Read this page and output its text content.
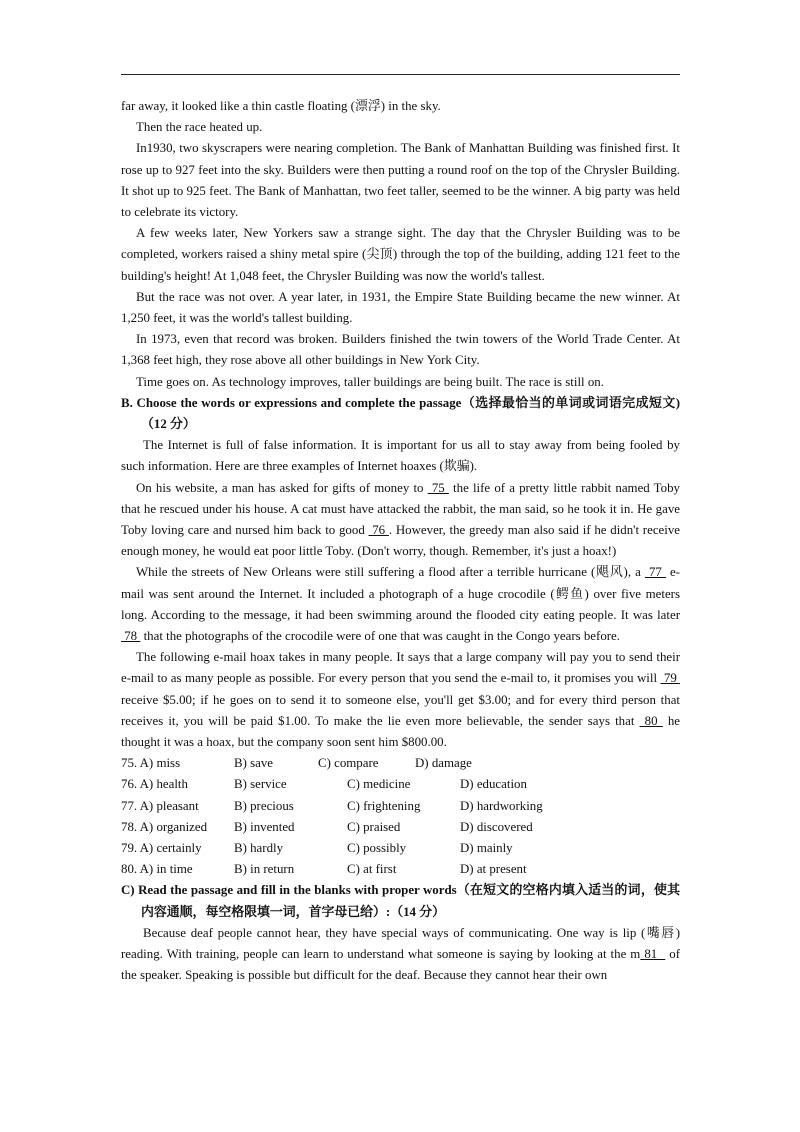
far away, it looked like a thin castle floating (漂浮) in the sky.

Then the race heated up.

In1930, two skyscrapers were nearing completion. The Bank of Manhattan Building was finished first. It rose up to 927 feet into the sky. Builders were then putting a round roof on the top of the Chrysler Building. It shot up to 925 feet. The Bank of Manhattan, two feet taller, seemed to be the winner. A big party was held to celebrate its victory.

A few weeks later, New Yorkers saw a strange sight. The day that the Chrysler Building was to be completed, workers raised a shiny metal spire (尖顶) through the top of the building, adding 121 feet to the building's height! At 1,048 feet, the Chrysler Building was now the world's tallest.

But the race was not over. A year later, in 1931, the Empire State Building became the new winner. At 1,250 feet, it was the world's tallest building.

In 1973, even that record was broken. Builders finished the twin towers of the World Trade Center. At 1,368 feet high, they rose above all other buildings in New York City.

Time goes on. As technology improves, taller buildings are being built. The race is still on.

B. Choose the words or expressions and complete the passage（选择最恰当的单词或词语完成短文)（12 分）

The Internet is full of false information. It is important for us all to stay away from being fooled by such information. Here are three examples of Internet hoaxes (欺骗).

On his website, a man has asked for gifts of money to  75  the life of a pretty little rabbit named Toby that he rescued under his house. A cat must have attacked the rabbit, the man said, so he took it in. He gave Toby loving care and nursed him back to good  76 . However, the greedy man also said if he didn't receive enough money, he would eat poor little Toby. (Don't worry, though. Remember, it's just a hoax!)

While the streets of New Orleans were still suffering a flood after a terrible hurricane (飓风), a  77  e-mail was sent around the Internet. It included a photograph of a huge crocodile (鳄鱼) over five meters long. According to the message, it had been swimming around the flooded city eating people. It was later  78  that the photographs of the crocodile were of one that was caught in the Congo years before.

The following e-mail hoax takes in many people. It says that a large company will pay you to send their e-mail to as many people as possible. For every person that you send the e-mail to, it promises you will  79  receive $5.00; if he goes on to send it to someone else, you'll get $3.00; and for every third person that receives it, you will be paid $1.00. To make the lie even more believable, the sender says that  80  he thought it was a hoax, but the company soon sent him $800.00.

75. A) miss	B) save	C) compare	D) damage
76. A) health	B) service	C) medicine	D) education
77. A) pleasant	B) precious	C) frightening	D) hardworking
78. A) organized	B) invented	C) praised	D) discovered
79. A) certainly	B) hardly	C) possibly	D) mainly
80. A) in time	B) in return	C) at first	D) at present

C) Read the passage and fill in the blanks with proper words（在短文的空格内填入适当的词，使其内容通顺，每空格限填一词，首字母已给）:（14 分）

Because deaf people cannot hear, they have special ways of communicating. One way is lip (嘴唇) reading. With training, people can learn to understand what someone is saying by looking at the m 81   of the speaker. Speaking is possible but difficult for the deaf. Because they cannot hear their own
